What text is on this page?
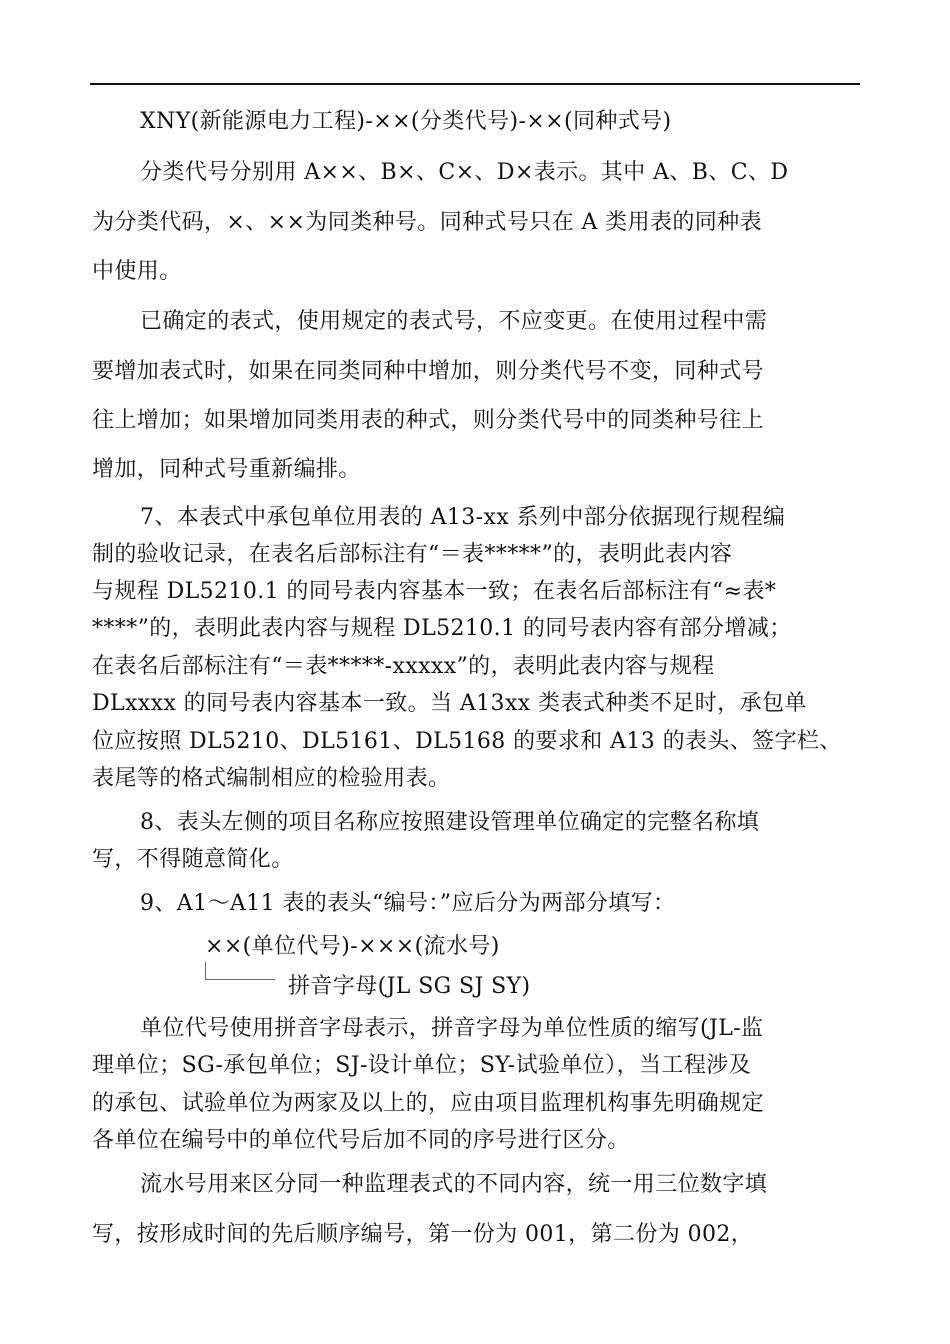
XNY(新能源电力工程)-××(分类代号)-××(同种式号)
分类代号分别用 A××、B×、C×、D×表示。其中 A、B、C、D
为分类代码，×、××为同类种号。同种式号只在 A 类用表的同种表
中使用。
已确定的表式，使用规定的表式号，不应变更。在使用过程中需
要增加表式时，如果在同类同种中增加，则分类代号不变，同种式号
往上增加；如果增加同类用表的种式，则分类代号中的同类种号往上
增加，同种式号重新编排。
7、本表式中承包单位用表的 A13-xx 系列中部分依据现行规程编
制的验收记录，在表名后部标注有“＝表*****”的，表明此表内容
与规程 DL5210.1 的同号表内容基本一致；在表名后部标注有“≈表*
****”的，表明此表内容与规程 DL5210.1 的同号表内容有部分增减；
在表名后部标注有“＝表*****-xxxxx”的，表明此表内容与规程
DLxxxx 的同号表内容基本一致。当 A13xx 类表式种类不足时，承包单
位应按照 DL5210、DL5161、DL5168 的要求和 A13 的表头、签字栏、
表尾等的格式编制相应的检验用表。
8、表头左侧的项目名称应按照建设管理单位确定的完整名称填
写，不得随意简化。
9、A1～A11 表的表头“编号：”应后分为两部分填写：
××(单位代号)-×××(流水号)
拼音字母(JL SG SJ SY)
单位代号使用拼音字母表示，拼音字母为单位性质的缩写(JL-监
理单位；SG-承包单位；SJ-设计单位；SY-试验单位），当工程涉及
的承包、试验单位为两家及以上的，应由项目监理机构事先明确规定
各单位在编号中的单位代号后加不同的序号进行区分。
流水号用来区分同一种监理表式的不同内容，统一用三位数字填
写，按形成时间的先后顺序编号，第一份为 001，第二份为 002，
